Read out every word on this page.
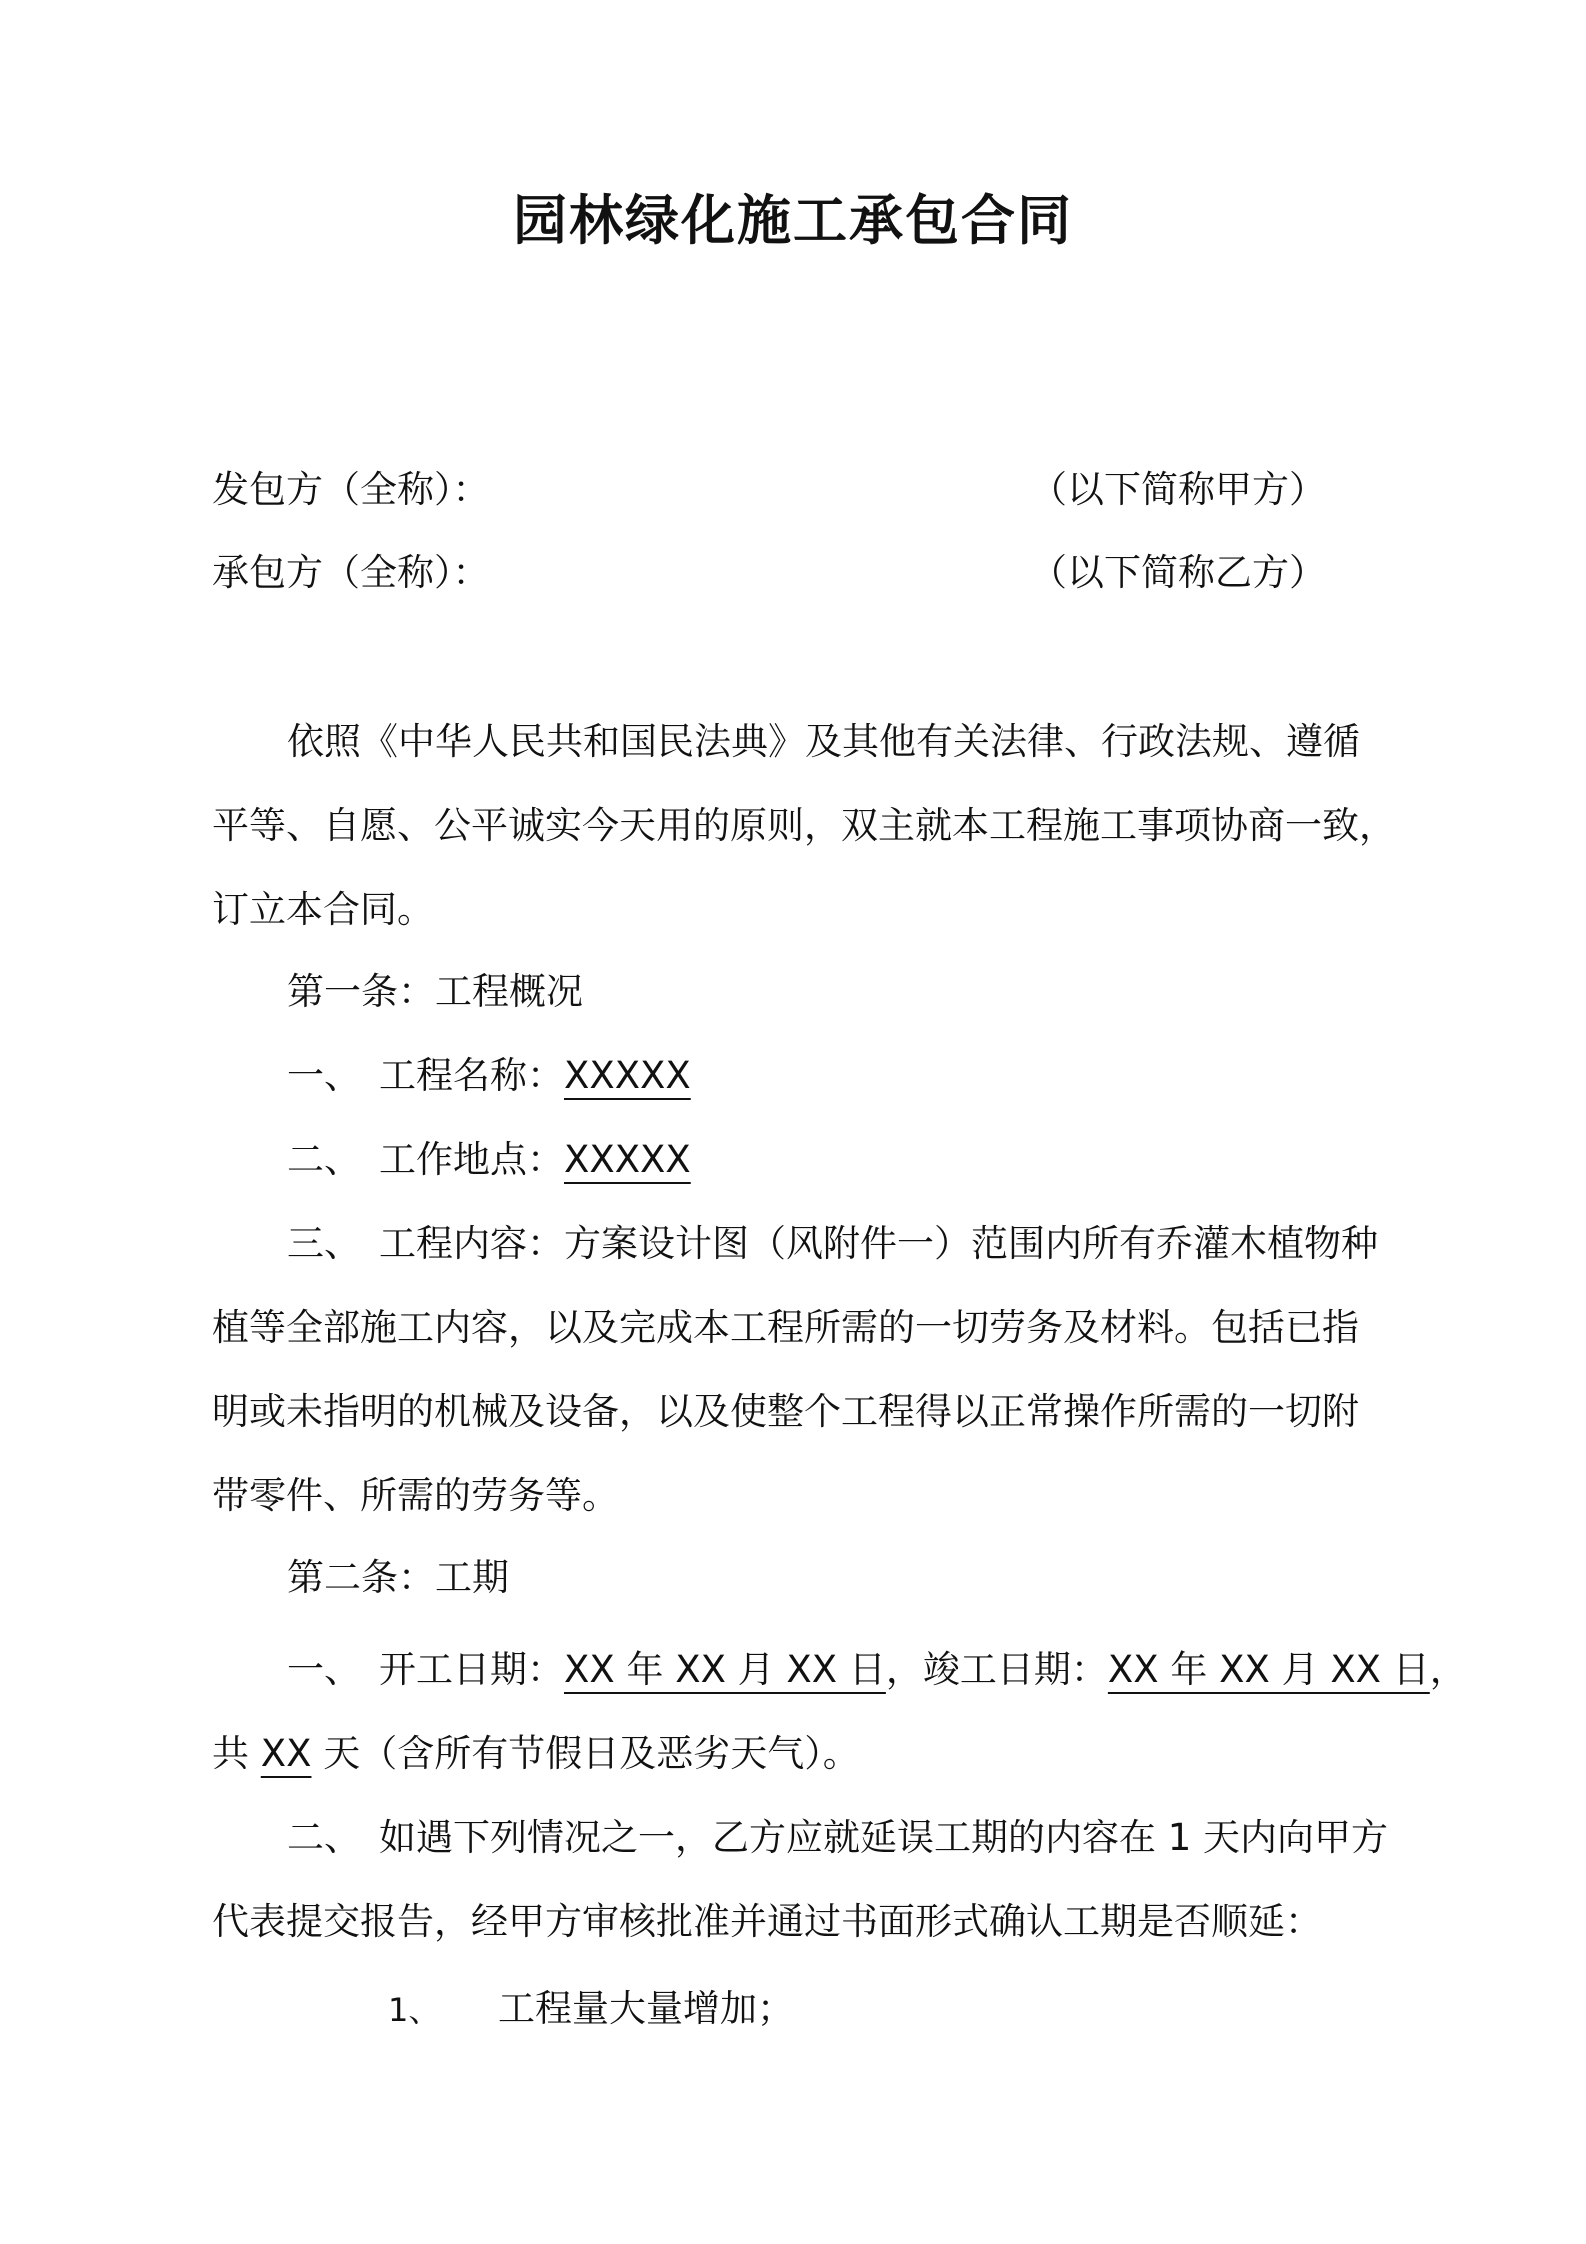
园林绿化施工承包合同
发包方（全称）：	（以下简称甲方）
承包方（全称）：	（以下简称乙方）
依照《中华人民共和国民法典》及其他有关法律、行政法规、遵循
平等、自愿、公平诚实今天用的原则，双主就本工程施工事项协商一致，
订立本合同。
第一条：工程概况
一、 工程名称：XXXXX
二、 工作地点：XXXXX
三、 工程内容：方案设计图（风附件一）范围内所有乔灌木植物种
植等全部施工内容，以及完成本工程所需的一切劳务及材料。包括已指
明或未指明的机械及设备，以及使整个工程得以正常操作所需的一切附
带零件、所需的劳务等。
第二条：工期
一、 开工日期：XX 年 XX 月 XX 日，竣工日期：XX 年 XX 月 XX 日，
共 XX 天（含所有节假日及恶劣天气）。
二、 如遇下列情况之一，乙方应就延误工期的内容在 1 天内向甲方
代表提交报告，经甲方审核批准并通过书面形式确认工期是否顺延：
1、 工程量大量增加；
